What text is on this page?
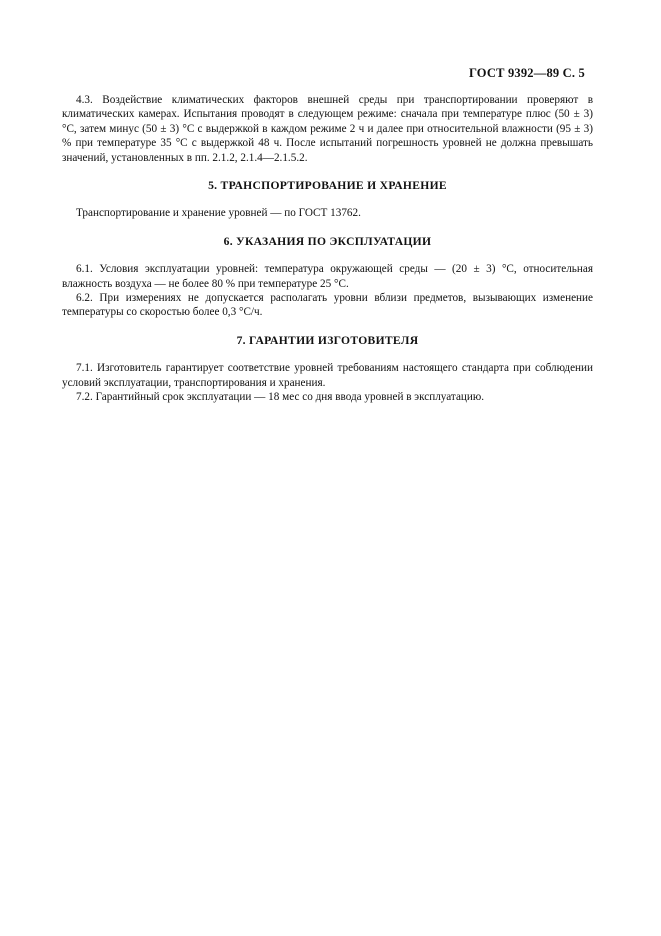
ГОСТ 9392—89 С. 5

4.3. Воздействие климатических факторов внешней среды при транспортировании проверяют в климатических камерах. Испытания проводят в следующем режиме: сначала при температуре плюс (50 ± 3) °С, затем минус (50 ± 3) °С с выдержкой в каждом режиме 2 ч и далее при относительной влажности (95 ± 3) % при температуре 35 °С с выдержкой 48 ч. После испытаний погрешность уровней не должна превышать значений, установленных в пп. 2.1.2, 2.1.4—2.1.5.2.

5. ТРАНСПОРТИРОВАНИЕ И ХРАНЕНИЕ

Транспортирование и хранение уровней — по ГОСТ 13762.

6. УКАЗАНИЯ ПО ЭКСПЛУАТАЦИИ

6.1. Условия эксплуатации уровней: температура окружающей среды — (20 ± 3) °С, относительная влажность воздуха — не более 80 % при температуре 25 °С.

6.2. При измерениях не допускается располагать уровни вблизи предметов, вызывающих изменение температуры со скоростью более 0,3 °С/ч.

7. ГАРАНТИИ ИЗГОТОВИТЕЛЯ

7.1. Изготовитель гарантирует соответствие уровней требованиям настоящего стандарта при соблюдении условий эксплуатации, транспортирования и хранения.

7.2. Гарантийный срок эксплуатации — 18 мес со дня ввода уровней в эксплуатацию.
